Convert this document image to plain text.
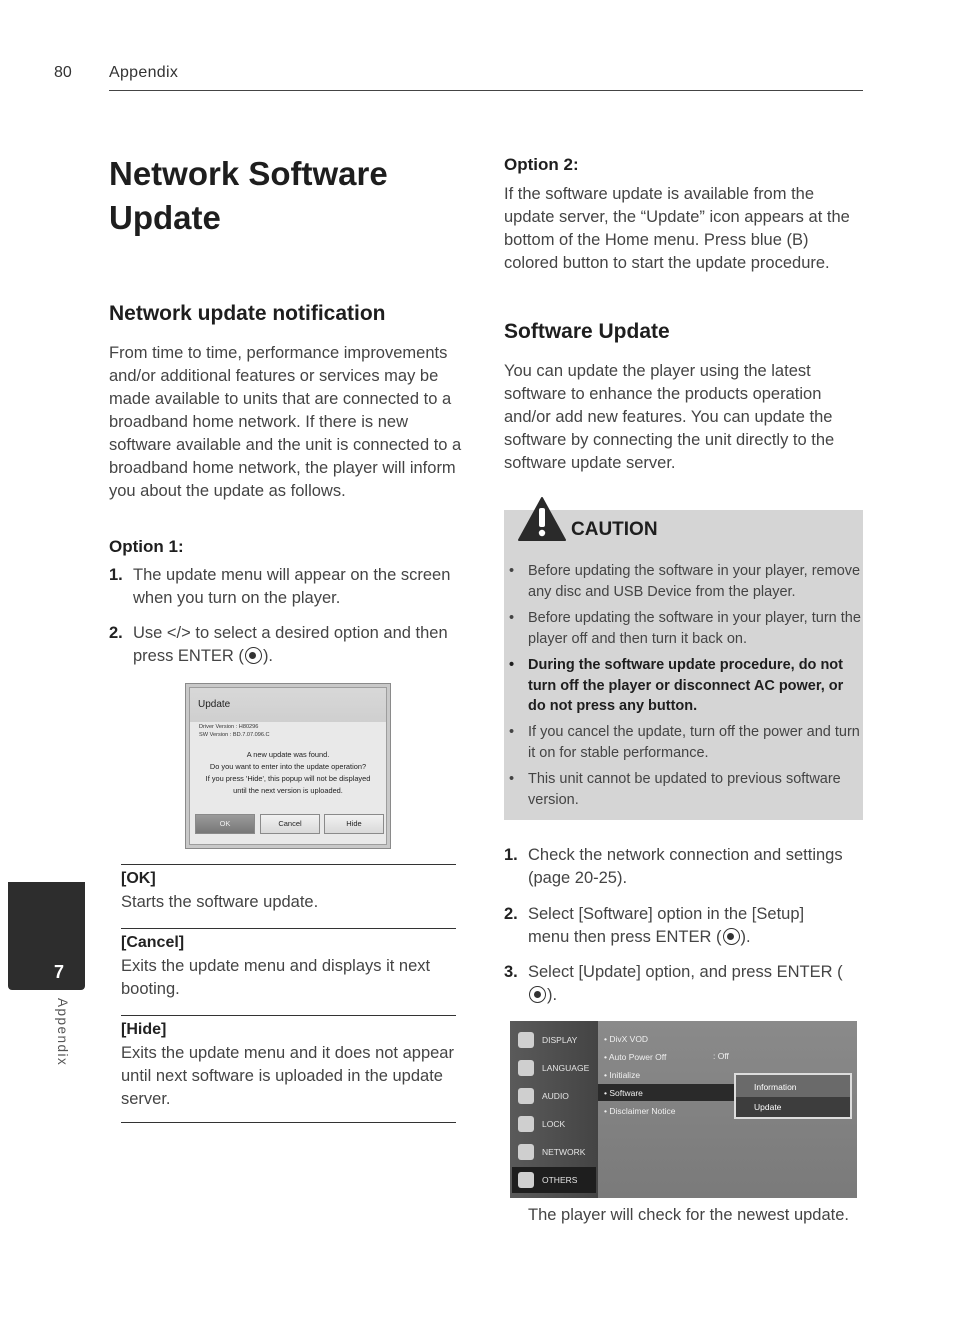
80 Appendix
Network Software Update
Network update notification
From time to time, performance improvements and/or additional features or services may be made available to units that are connected to a broadband home network. If there is new software available and the unit is connected to a broadband home network, the player will inform you about the update as follows.
Option 1:
1. The update menu will appear on the screen when you turn on the player.
2. Use </> to select a desired option and then press ENTER ( ).
Update
Driver Version : H80296
SW Version : BD.7.07.096.C
A new update was found.
Do you want to enter into the update operation?
If you press 'Hide', this popup will not be displayed
until the next version is uploaded.
OK	Cancel	Hide
[OK]
Starts the software update.
[Cancel]
Exits the update menu and displays it next booting.
[Hide]
Exits the update menu and it does not appear until next software is uploaded in the update server.
Option 2:
If the software update is available from the update server, the “Update” icon appears at the bottom of the Home menu. Press blue (B) colored button to start the update procedure.
Software Update
You can update the player using the latest software to enhance the products operation and/or add new features. You can update the software by connecting the unit directly to the software update server.
CAUTION
• Before updating the software in your player, remove any disc and USB Device from the player.
• Before updating the software in your player, turn the player off and then turn it back on.
• During the software update procedure, do not turn off the player or disconnect AC power, or do not press any button.
• If you cancel the update, turn off the power and turn it on for stable performance.
• This unit cannot be updated to previous software version.
1. Check the network connection and settings (page 20-25).
2. Select [Software] option in the [Setup] menu then press ENTER ( ).
3. Select [Update] option, and press ENTER ().
DISPLAY
LANGUAGE
AUDIO
LOCK
NETWORK
OTHERS
• DivX VOD
• Auto Power Off	: Off
• Initialize
• Software
• Disclaimer Notice
Information
Update
The player will check for the newest update.
7
Appendix
